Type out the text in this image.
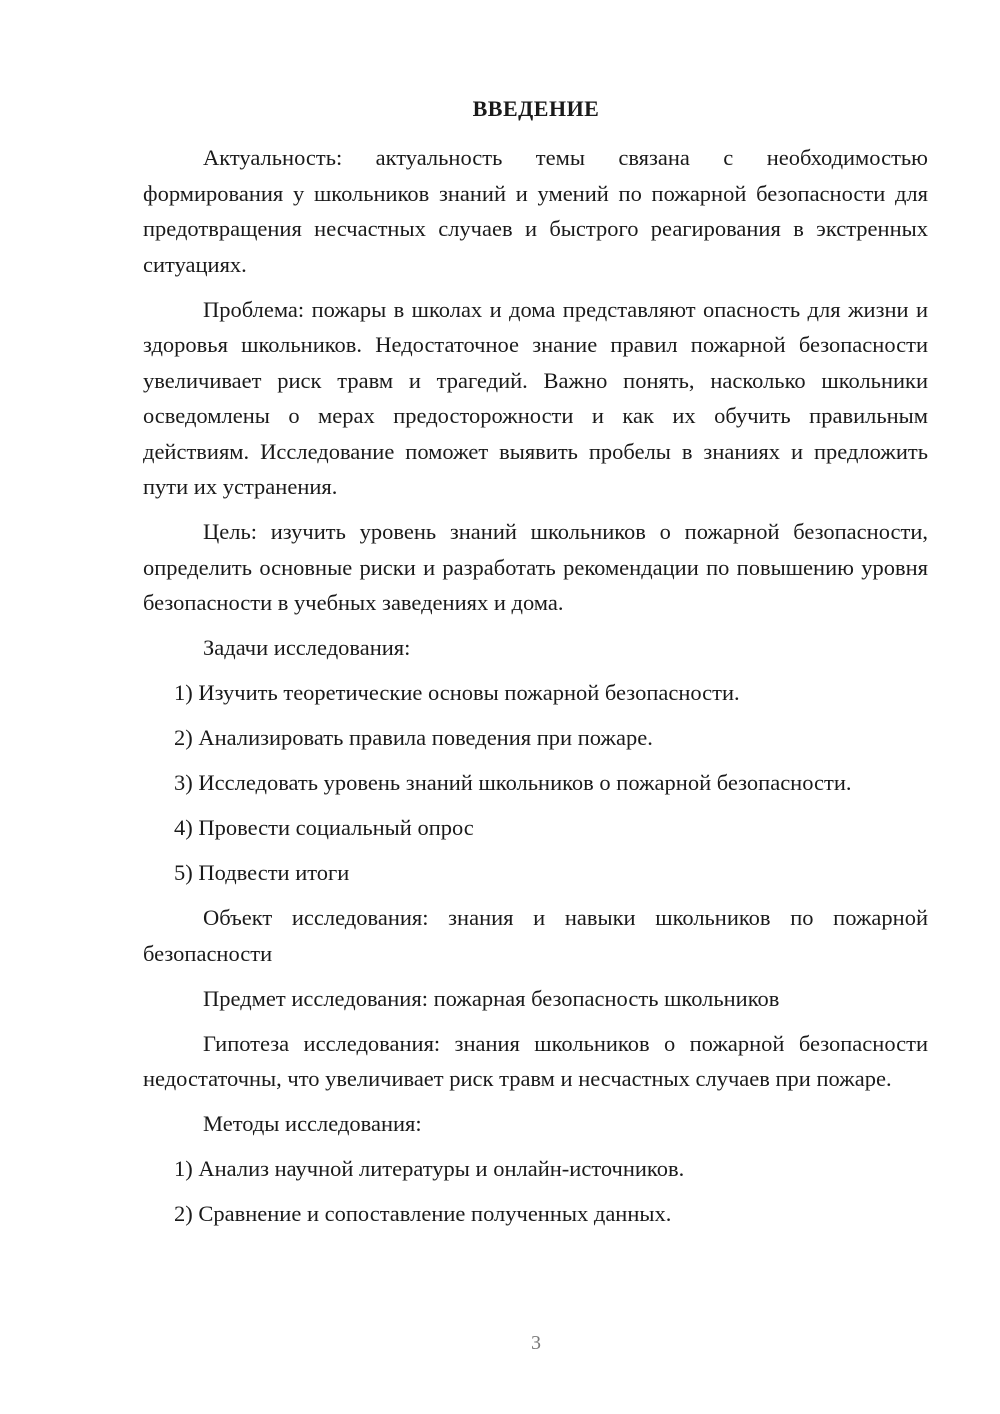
ВВЕДЕНИЕ

Актуальность: актуальность темы связана с необходимостью формирования у школьников знаний и умений по пожарной безопасности для предотвращения несчастных случаев и быстрого реагирования в экстренных ситуациях.

Проблема: пожары в школах и дома представляют опасность для жизни и здоровья школьников. Недостаточное знание правил пожарной безопасности увеличивает риск травм и трагедий. Важно понять, насколько школьники осведомлены о мерах предосторожности и как их обучить правильным действиям. Исследование поможет выявить пробелы в знаниях и предложить пути их устранения.

Цель: изучить уровень знаний школьников о пожарной безопасности, определить основные риски и разработать рекомендации по повышению уровня безопасности в учебных заведениях и дома.

Задачи исследования:

1) Изучить теоретические основы пожарной безопасности.

2) Анализировать правила поведения при пожаре.

3) Исследовать уровень знаний школьников о пожарной безопасности.

4) Провести социальный опрос

5) Подвести итоги

Объект исследования: знания и навыки школьников по пожарной безопасности

Предмет исследования: пожарная безопасность школьников

Гипотеза исследования: знания школьников о пожарной безопасности недостаточны, что увеличивает риск травм и несчастных случаев при пожаре.

Методы исследования:

1) Анализ научной литературы и онлайн-источников.

2) Сравнение и сопоставление полученных данных.

3
